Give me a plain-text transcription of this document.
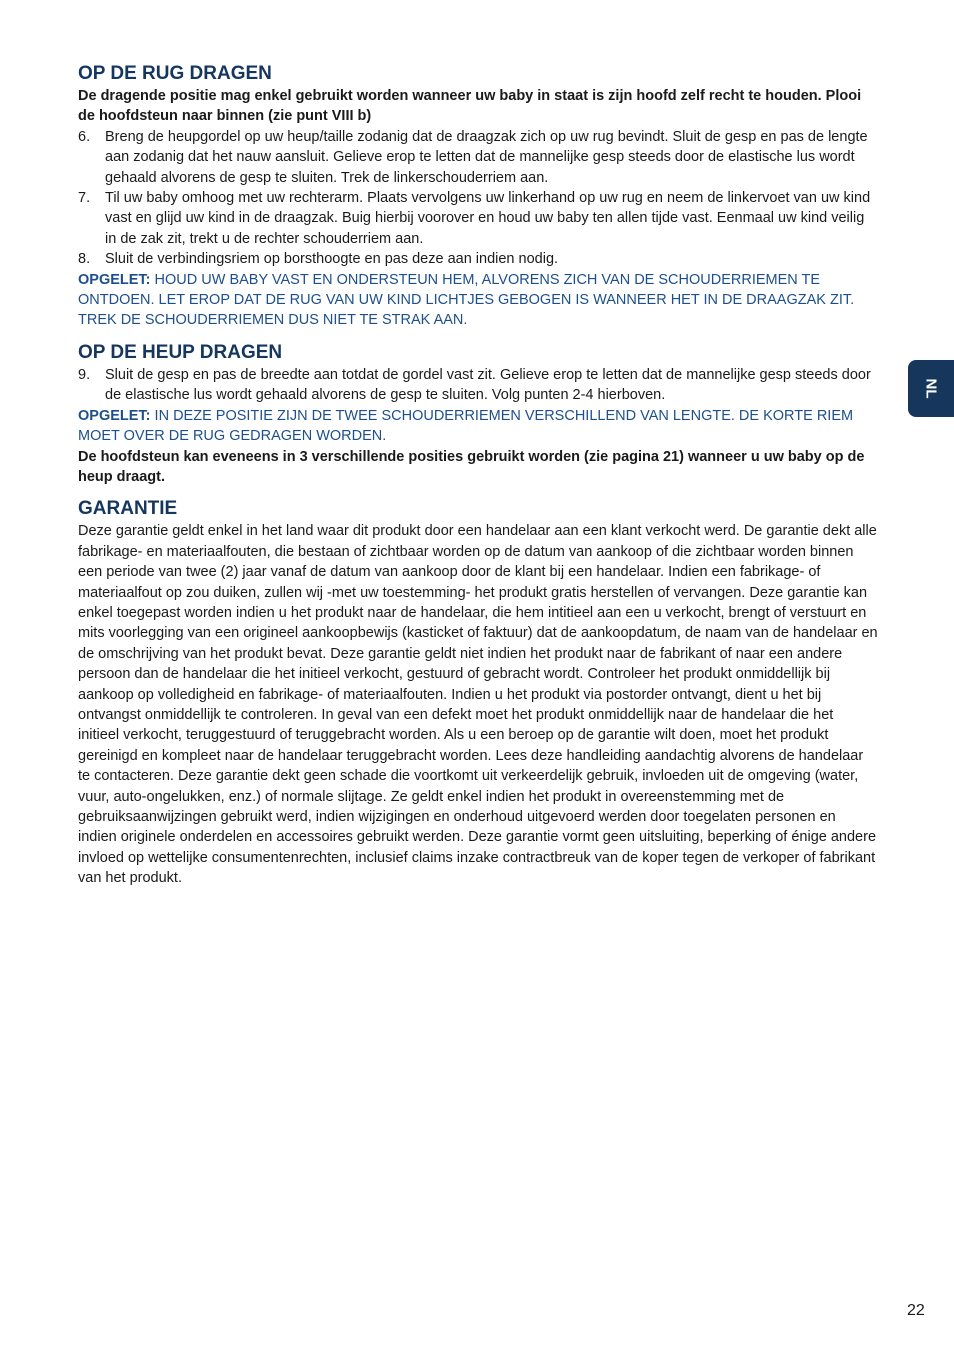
OP DE RUG DRAGEN

De dragende positie mag enkel gebruikt worden wanneer uw baby in staat is zijn hoofd zelf recht te houden. Plooi de hoofdsteun naar binnen (zie punt VIII b)

6. Breng de heupgordel op uw heup/taille zodanig dat de draagzak zich op uw rug bevindt. Sluit de gesp en pas de lengte aan zodanig dat het nauw aansluit. Gelieve erop te letten dat de mannelijke gesp steeds door de elastische lus wordt gehaald alvorens de gesp te sluiten. Trek de linkerschouderriem aan.
7. Til uw baby omhoog met uw rechterarm. Plaats vervolgens uw linkerhand op uw rug en neem de linkervoet van uw kind vast en glijd uw kind in de draagzak. Buig hierbij voorover en houd uw baby ten allen tijde vast. Eenmaal uw kind veilig in de zak zit, trekt u de rechter schouderriem aan.
8. Sluit de verbindingsriem op borsthoogte en pas deze aan indien nodig.

OPGELET: HOUD UW BABY VAST EN ONDERSTEUN HEM, ALVORENS ZICH VAN DE SCHOUDERRIEMEN TE ONTDOEN. LET EROP DAT DE RUG VAN UW KIND LICHTJES GEBOGEN IS WANNEER HET IN DE DRAAGZAK ZIT. TREK DE SCHOUDERRIEMEN DUS NIET TE STRAK AAN.

OP DE HEUP DRAGEN
9. Sluit de gesp en pas de breedte aan totdat de gordel vast zit. Gelieve erop te letten dat de mannelijke gesp steeds door de elastische lus wordt gehaald alvorens de gesp te sluiten. Volg punten 2-4 hierboven.

OPGELET: IN DEZE POSITIE ZIJN DE TWEE SCHOUDERRIEMEN VERSCHILLEND VAN LENGTE. DE KORTE RIEM MOET OVER DE RUG GEDRAGEN WORDEN.

De hoofdsteun kan eveneens in 3 verschillende posities gebruikt worden (zie pagina 21) wanneer u uw baby op de heup draagt.

GARANTIE

Deze garantie geldt enkel in het land waar dit produkt door een handelaar aan een klant verkocht werd. De garantie dekt alle fabrikage- en materiaalfouten, die bestaan of zichtbaar worden op de datum van aankoop of die zichtbaar worden binnen een periode van twee (2) jaar vanaf de datum van aankoop door de klant bij een handelaar. Indien een fabrikage- of materiaalfout op zou duiken, zullen wij -met uw toestemming- het produkt gratis herstellen of vervangen. Deze garantie kan enkel toegepast worden indien u het produkt naar de handelaar, die hem intitieel aan een u verkocht, brengt of verstuurt en mits voorlegging van een origineel aankoopbewijs (kasticket of faktuur) dat de aankoopdatum, de naam van de handelaar en de omschrijving van het produkt bevat. Deze garantie geldt niet indien het produkt naar de fabrikant of naar een andere persoon dan de handelaar die het initieel verkocht, gestuurd of gebracht wordt. Controleer het produkt onmiddellijk bij aankoop op volledigheid en fabrikage- of materiaalfouten. Indien u het produkt via postorder ontvangt, dient u het bij ontvangst onmiddellijk te controleren. In geval van een defekt moet het produkt onmiddellijk naar de handelaar die het initieel verkocht, teruggestuurd of teruggebracht worden. Als u een beroep op de garantie wilt doen, moet het produkt gereinigd en kompleet naar de handelaar teruggebracht worden. Lees deze handleiding aandachtig alvorens de handelaar te contacteren. Deze garantie dekt geen schade die voortkomt uit verkeerdelijk gebruik, invloeden uit de omgeving (water, vuur, auto-ongelukken, enz.) of normale slijtage. Ze geldt enkel indien het produkt in overeenstemming met de gebruiksaanwijzingen gebruikt werd, indien wijzigingen en onderhoud uitgevoerd werden door toegelaten personen en indien originele onderdelen en accessoires gebruikt werden. Deze garantie vormt geen uitsluiting, beperking of énige andere invloed op wettelijke consumentenrechten, inclusief claims inzake contractbreuk van de koper tegen de verkoper of fabrikant van het produkt.

NL
22
